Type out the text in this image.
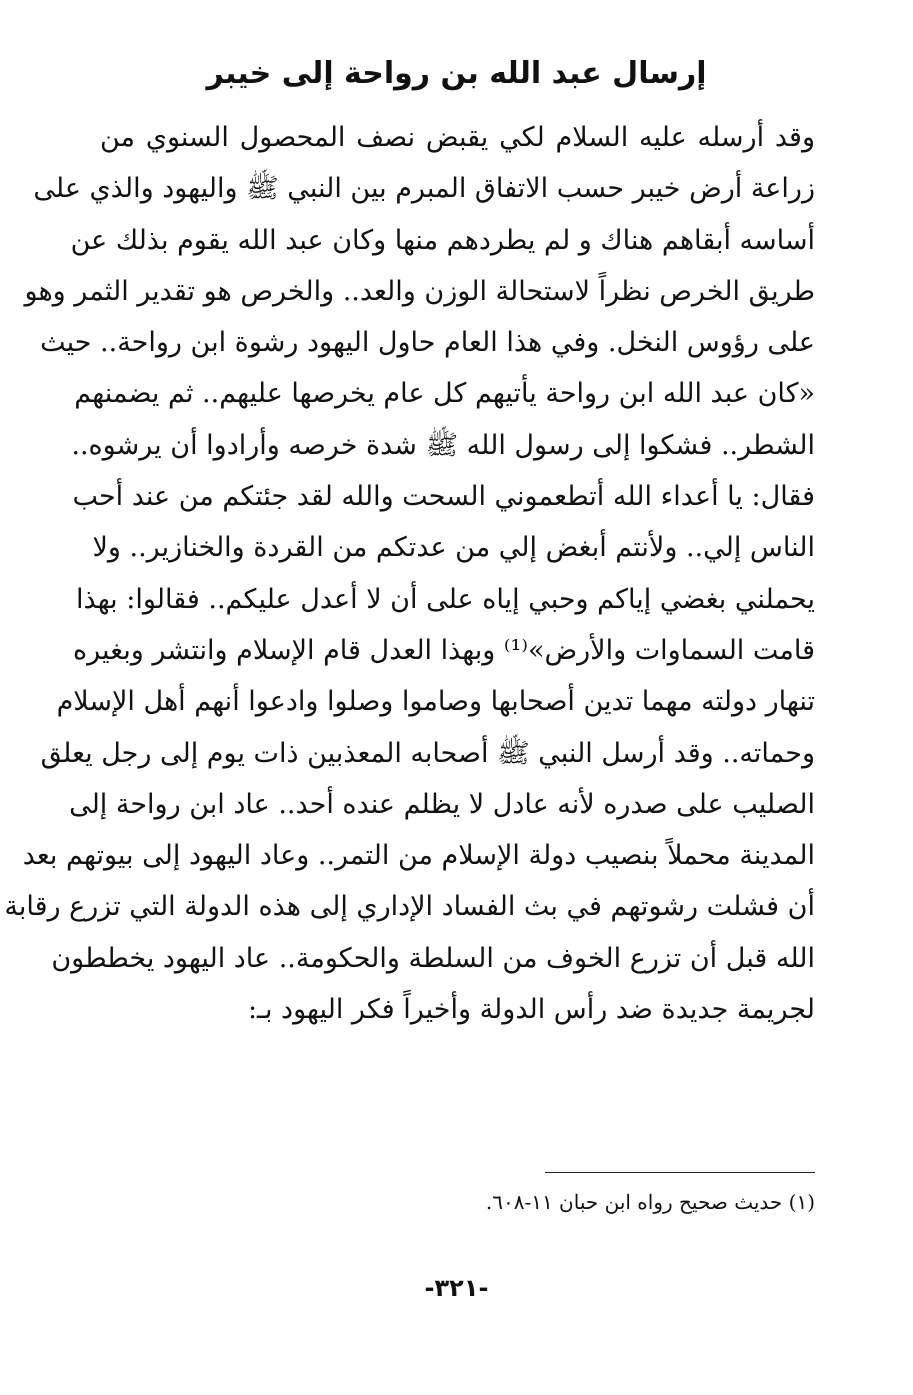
إرسال عبد الله بن رواحة إلى خيبر
وقد أرسله عليه السلام لكي يقبض نصف المحصول السنوي من
زراعة أرض خيبر حسب الاتفاق المبرم بين النبي ﷺ واليهود والذي على
أساسه أبقاهم هناك و لم يطردهم منها وكان عبد الله يقوم بذلك عن
طريق الخرص نظراً لاستحالة الوزن والعد.. والخرص هو تقدير الثمر وهو
على رؤوس النخل. وفي هذا العام حاول اليهود رشوة ابن رواحة.. حيث
«كان عبد الله ابن رواحة يأتيهم كل عام يخرصها عليهم.. ثم يضمنهم
الشطر.. فشكوا إلى رسول الله ﷺ شدة خرصه وأرادوا أن يرشوه..
فقال: يا أعداء الله أتطعموني السحت والله لقد جئتكم من عند أحب
الناس إلي.. ولأنتم أبغض إلي من عدتكم من القردة والخنازير.. ولا
يحملني بغضي إياكم وحبي إياه على أن لا أعدل عليكم.. فقالوا: بهذا
قامت السماوات والأرض»⁽¹⁾ وبهذا العدل قام الإسلام وانتشر وبغيره
تنهار دولته مهما تدين أصحابها وصاموا وصلوا وادعوا أنهم أهل الإسلام
وحماته.. وقد أرسل النبي ﷺ أصحابه المعذبين ذات يوم إلى رجل يعلق
الصليب على صدره لأنه عادل لا يظلم عنده أحد.. عاد ابن رواحة إلى
المدينة محملاً بنصيب دولة الإسلام من التمر.. وعاد اليهود إلى بيوتهم بعد
أن فشلت رشوتهم في بث الفساد الإداري إلى هذه الدولة التي تزرع رقابة
الله قبل أن تزرع الخوف من السلطة والحكومة.. عاد اليهود يخططون
لجريمة جديدة ضد رأس الدولة وأخيراً فكر اليهود بـ:

(١) حديث صحيح رواه ابن حبان ١١-٦٠٨.

-٣٢١-
